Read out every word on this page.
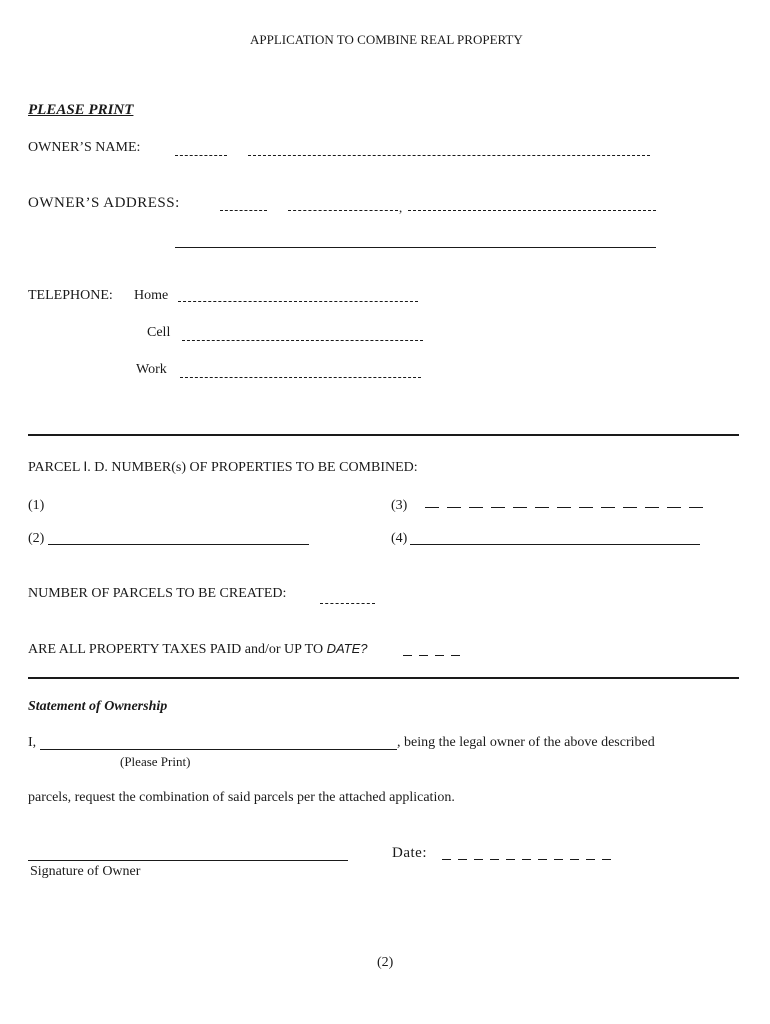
APPLICATION TO COMBINE REAL PROPERTY
PLEASE PRINT
OWNER’S NAME:
OWNER’S ADDRESS:	,
TELEPHONE: Home
Cell
Work
PARCEL I. D. NUMBER(s) OF PROPERTIES TO BE COMBINED:
(1)	(3)
(2)	(4)
NUMBER OF PARCELS TO BE CREATED:
ARE ALL PROPERTY TAXES PAID and/or UP TO DATE?
Statement of Ownership
I,	, being the legal owner of the above described
(Please Print)
parcels, request the combination of said parcels per the attached application.
Signature of Owner
Date:
(2)
